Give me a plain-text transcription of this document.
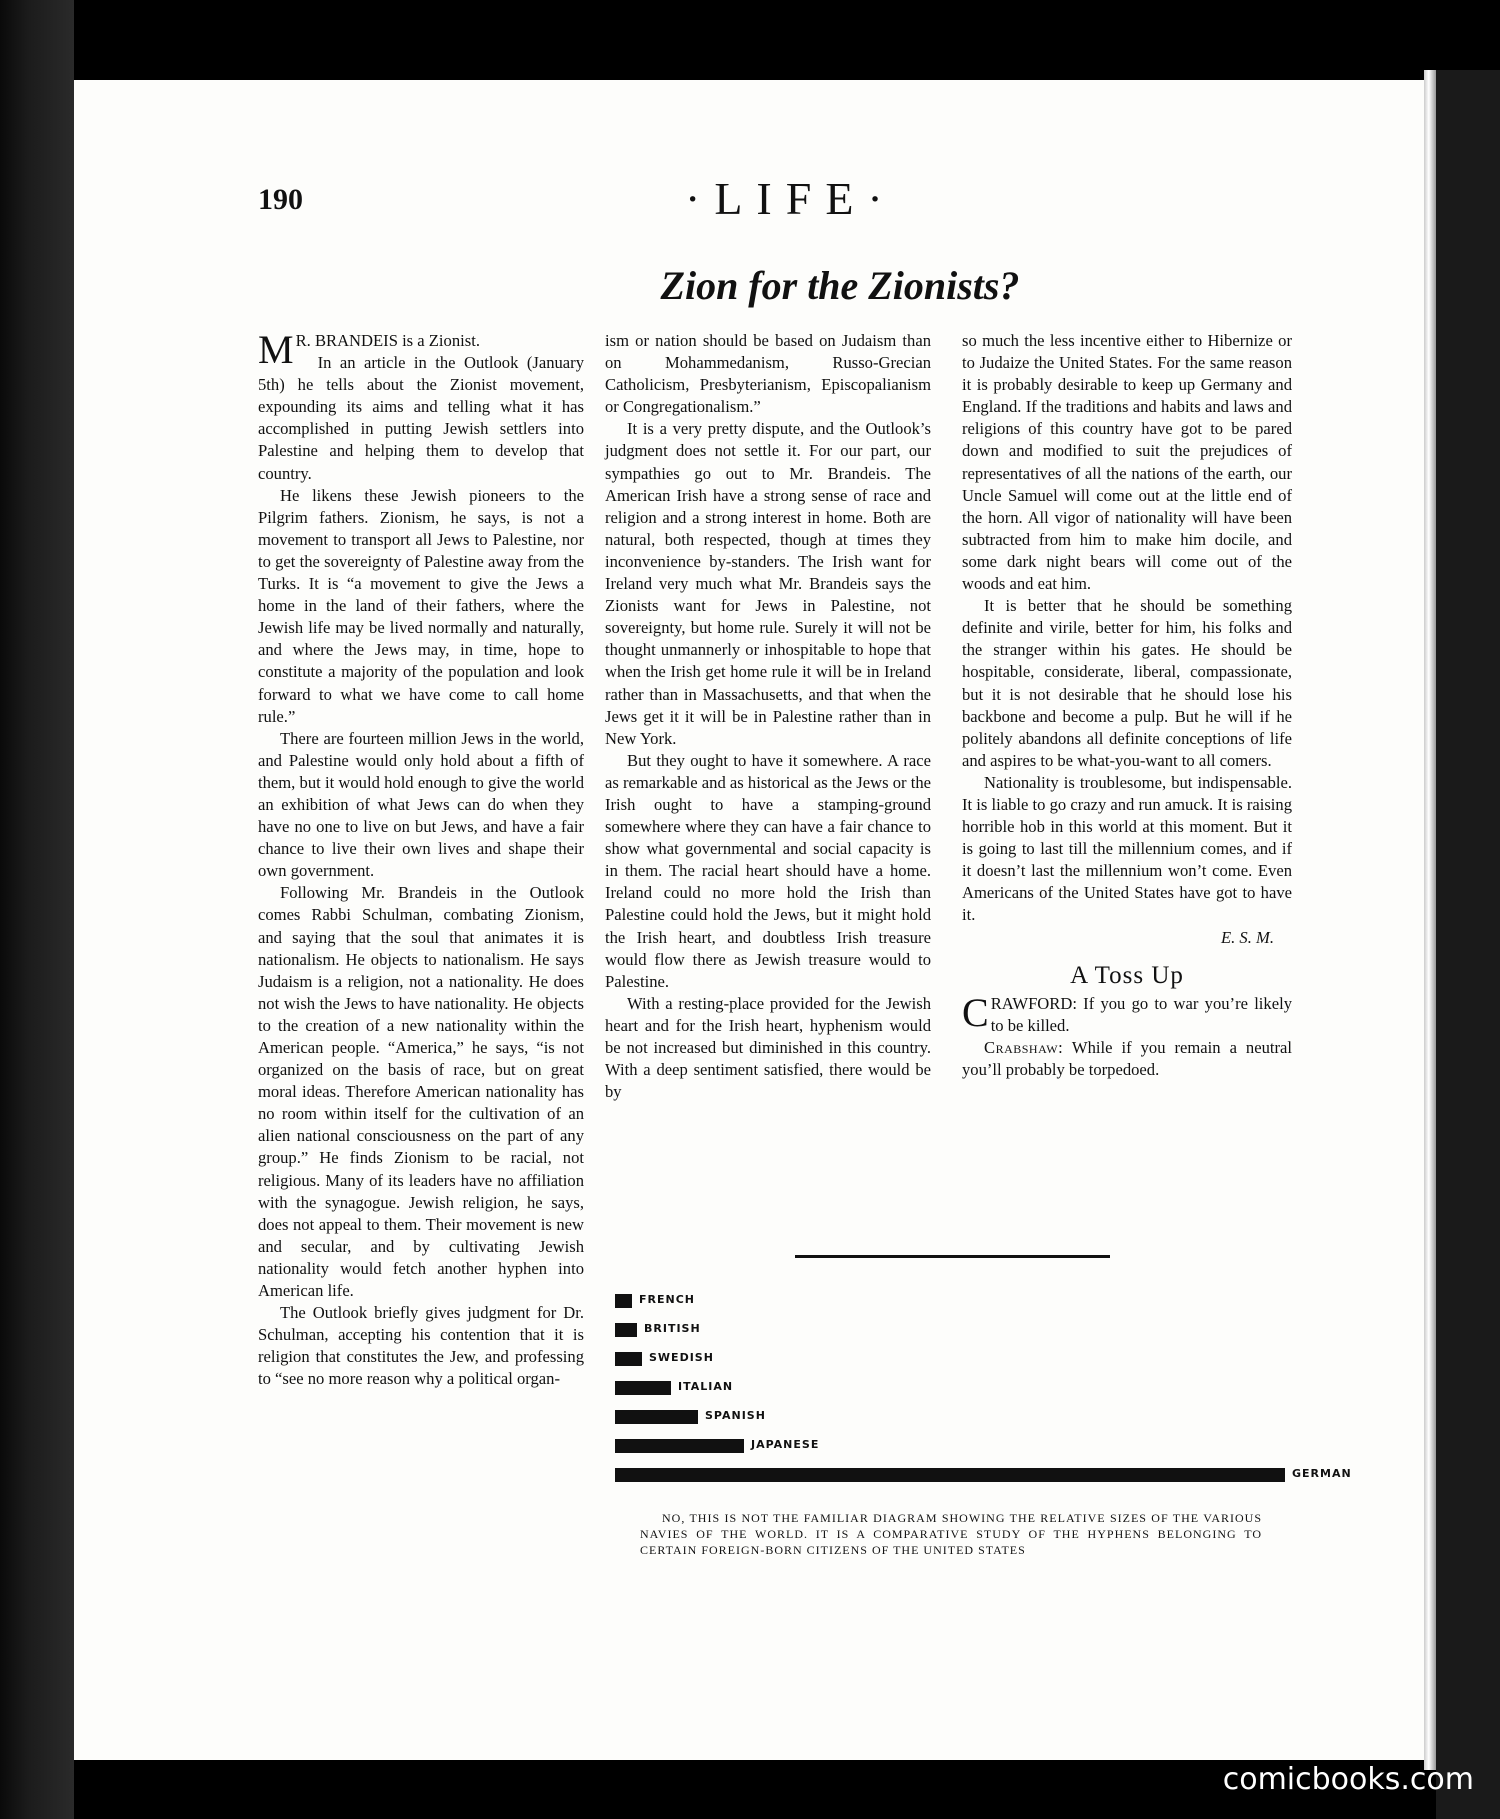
190	·LIFE·
Zion for the Zionists?

M R. BRANDEIS is a Zionist.

In an article in the Outlook (January 5th) he tells about the Zionist movement, expounding its aims and telling what it has accomplished in putting Jewish settlers into Palestine and helping them to develop that country.

He likens these Jewish pioneers to the Pilgrim fathers. Zionism, he says, is not a movement to transport all Jews to Palestine, nor to get the sovereignty of Palestine away from the Turks. It is “a movement to give the Jews a home in the land of their fathers, where the Jewish life may be lived normally and naturally, and where the Jews may, in time, hope to constitute a majority of the population and look forward to what we have come to call home rule.”

There are fourteen million Jews in the world, and Palestine would only hold about a fifth of them, but it would hold enough to give the world an exhibition of what Jews can do when they have no one to live on but Jews, and have a fair chance to live their own lives and shape their own government.

Following Mr. Brandeis in the Outlook comes Rabbi Schulman, combating Zionism, and saying that the soul that animates it is nationalism. He objects to nationalism. He says Judaism is a religion, not a nationality. He does not wish the Jews to have nationality. He objects to the creation of a new nationality within the American people. “America,” he says, “is not organized on the basis of race, but on great moral ideas. Therefore American nationality has no room within itself for the cultivation of an alien national consciousness on the part of any group.” He finds Zionism to be racial, not religious. Many of its leaders have no affiliation with the synagogue. Jewish religion, he says, does not appeal to them. Their movement is new and secular, and by cultivating Jewish nationality would fetch another hyphen into American life.

The Outlook briefly gives judgment for Dr. Schulman, accepting his contention that it is religion that constitutes the Jew, and professing to “see no more reason why a political organ-

ism or nation should be based on Judaism than on Mohammedanism, Russo-Grecian Catholicism, Presbyterianism, Episcopalianism or Congregationalism.”

It is a very pretty dispute, and the Outlook’s judgment does not settle it. For our part, our sympathies go out to Mr. Brandeis. The American Irish have a strong sense of race and religion and a strong interest in home. Both are natural, both respected, though at times they inconvenience by-standers. The Irish want for Ireland very much what Mr. Brandeis says the Zionists want for Jews in Palestine, not sovereignty, but home rule. Surely it will not be thought unmannerly or inhospitable to hope that when the Irish get home rule it will be in Ireland rather than in Massachusetts, and that when the Jews get it it will be in Palestine rather than in New York.

But they ought to have it somewhere. A race as remarkable and as historical as the Jews or the Irish ought to have a stamping-ground somewhere where they can have a fair chance to show what governmental and social capacity is in them. The racial heart should have a home. Ireland could no more hold the Irish than Palestine could hold the Jews, but it might hold the Irish heart, and doubtless Irish treasure would flow there as Jewish treasure would to Palestine.

With a resting-place provided for the Jewish heart and for the Irish heart, hyphenism would be not increased but diminished in this country. With a deep sentiment satisfied, there would be by

so much the less incentive either to Hibernize or to Judaize the United States. For the same reason it is probably desirable to keep up Germany and England. If the traditions and habits and laws and religions of this country have got to be pared down and modified to suit the prejudices of representatives of all the nations of the earth, our Uncle Samuel will come out at the little end of the horn. All vigor of nationality will have been subtracted from him to make him docile, and some dark night bears will come out of the woods and eat him.

It is better that he should be something definite and virile, better for him, his folks and the stranger within his gates. He should be hospitable, considerate, liberal, compassionate, but it is not desirable that he should lose his backbone and become a pulp. But he will if he politely abandons all definite conceptions of life and aspires to be what-you-want to all comers.

Nationality is troublesome, but indispensable. It is liable to go crazy and run amuck. It is raising horrible hob in this world at this moment. But it is going to last till the millennium comes, and if it doesn’t last the millennium won’t come. Even Americans of the United States have got to have it.

E. S. M.

A Toss Up

CRAWFORD: If you go to war you’re likely to be killed.

Crabshaw: While if you remain a neutral you’ll probably be torpedoed.

FRENCH
BRITISH
SWEDISH
ITALIAN
SPANISH
JAPANESE
GERMAN
NO, THIS IS NOT THE FAMILIAR DIAGRAM SHOWING THE RELATIVE SIZES OF THE VARIOUS NAVIES OF THE WORLD. IT IS A COMPARATIVE STUDY OF THE HYPHENS BELONGING TO CERTAIN FOREIGN-BORN CITIZENS OF THE UNITED STATES
comicbooks.com
